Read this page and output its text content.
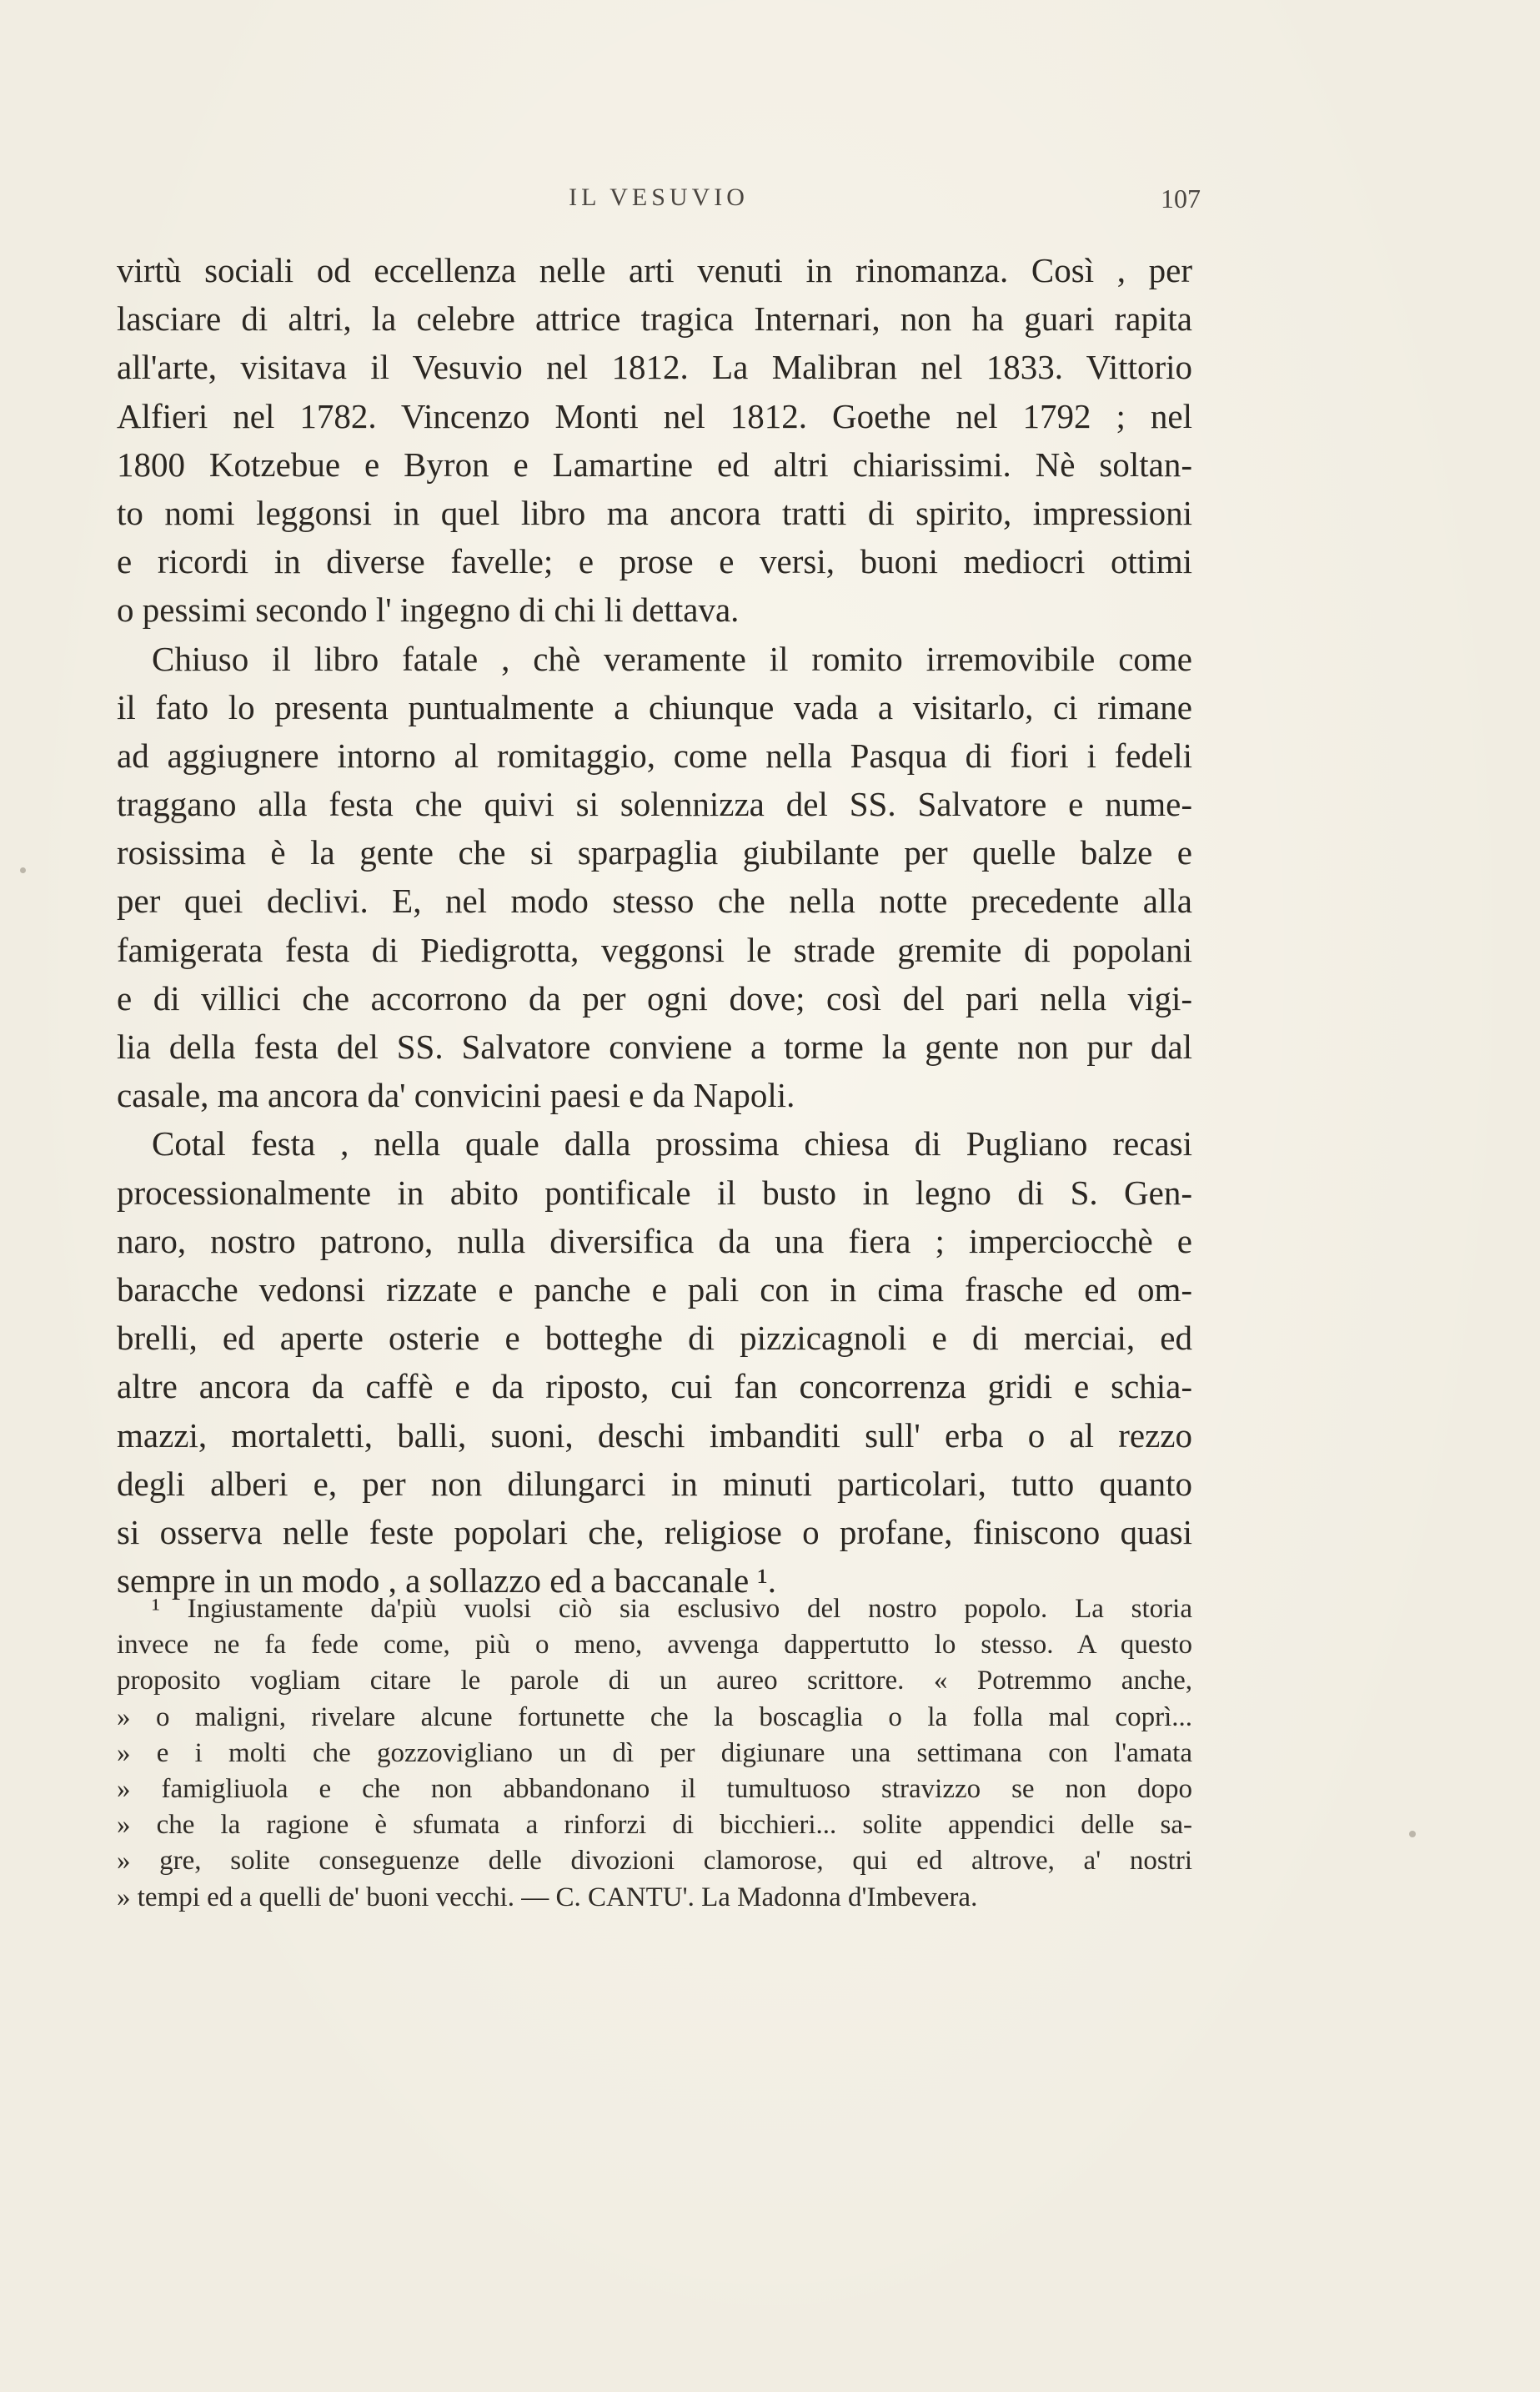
IL VESUVIO	107
virtù sociali od eccellenza nelle arti venuti in rinomanza. Così , per
lasciare di altri, la celebre attrice tragica Internari, non ha guari rapita
all'arte, visitava il Vesuvio nel 1812. La Malibran nel 1833. Vittorio
Alfieri nel 1782. Vincenzo Monti nel 1812. Goethe nel 1792 ; nel
1800 Kotzebue e Byron e Lamartine ed altri chiarissimi. Nè soltan-
to nomi leggonsi in quel libro ma ancora tratti di spirito, impressioni
e ricordi in diverse favelle; e prose e versi, buoni mediocri ottimi
o pessimi secondo l' ingegno di chi li dettava.
Chiuso il libro fatale , chè veramente il romito irremovibile come
il fato lo presenta puntualmente a chiunque vada a visitarlo, ci rimane
ad aggiugnere intorno al romitaggio, come nella Pasqua di fiori i fedeli
traggano alla festa che quivi si solennizza del SS. Salvatore e nume-
rosissima è la gente che si sparpaglia giubilante per quelle balze e
per quei declivi. E, nel modo stesso che nella notte precedente alla
famigerata festa di Piedigrotta, veggonsi le strade gremite di popolani
e di villici che accorrono da per ogni dove; così del pari nella vigi-
lia della festa del SS. Salvatore conviene a torme la gente non pur dal
casale, ma ancora da' convicini paesi e da Napoli.
Cotal festa , nella quale dalla prossima chiesa di Pugliano recasi
processionalmente in abito pontificale il busto in legno di S. Gen-
naro, nostro patrono, nulla diversifica da una fiera ; imperciocchè e
baracche vedonsi rizzate e panche e pali con in cima frasche ed om-
brelli, ed aperte osterie e botteghe di pizzicagnoli e di merciai, ed
altre ancora da caffè e da riposto, cui fan concorrenza gridi e schia-
mazzi, mortaletti, balli, suoni, deschi imbanditi sull' erba o al rezzo
degli alberi e, per non dilungarci in minuti particolari, tutto quanto
si osserva nelle feste popolari che, religiose o profane, finiscono quasi
sempre in un modo , a sollazzo ed a baccanale ¹.
¹ Ingiustamente da'più vuolsi ciò sia esclusivo del nostro popolo. La storia
invece ne fa fede come, più o meno, avvenga dappertutto lo stesso. A questo
proposito vogliam citare le parole di un aureo scrittore. « Potremmo anche,
» o maligni, rivelare alcune fortunette che la boscaglia o la folla mal coprì...
» e i molti che gozzovigliano un dì per digiunare una settimana con l'amata
» famigliuola e che non abbandonano il tumultuoso stravizzo se non dopo
» che la ragione è sfumata a rinforzi di bicchieri... solite appendici delle sa-
» gre, solite conseguenze delle divozioni clamorose, qui ed altrove, a' nostri
» tempi ed a quelli de' buoni vecchi. — C. CANTU'. La Madonna d'Imbevera.
